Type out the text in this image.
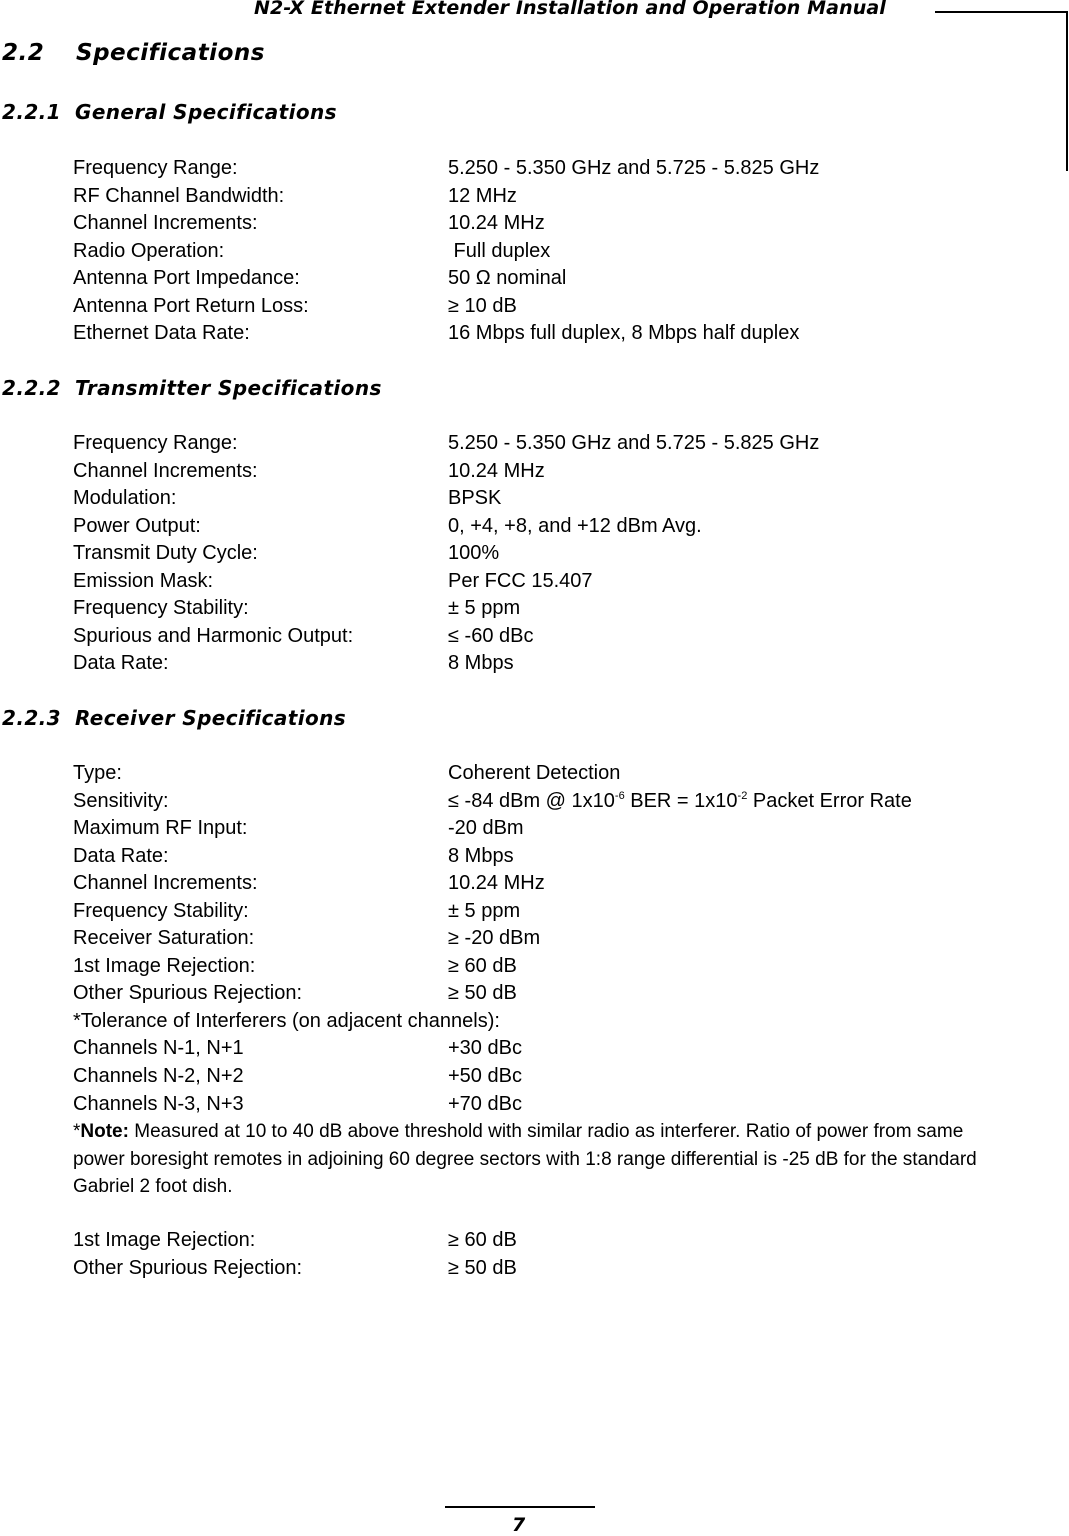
N2-X Ethernet Extender Installation and Operation Manual
2.2 Specifications
2.2.1 General Specifications
Frequency Range:	5.250 - 5.350 GHz and 5.725 - 5.825 GHz
RF Channel Bandwidth:	12 MHz
Channel Increments:	10.24 MHz
Radio Operation:	Full duplex
Antenna Port Impedance:	50 Ω nominal
Antenna Port Return Loss:	≥ 10 dB
Ethernet Data Rate:	16 Mbps full duplex, 8 Mbps half duplex
2.2.2 Transmitter Specifications
Frequency Range:	5.250 - 5.350 GHz and 5.725 - 5.825 GHz
Channel Increments:	10.24 MHz
Modulation:	BPSK
Power Output:	0, +4, +8, and +12 dBm Avg.
Transmit Duty Cycle:	100%
Emission Mask:	Per FCC 15.407
Frequency Stability:	± 5 ppm
Spurious and Harmonic Output:	≤ -60 dBc
Data Rate:	8 Mbps
2.2.3 Receiver Specifications
Type:	Coherent Detection
Sensitivity:	≤ -84 dBm @ $1x10^{-6}$ BER = $1x10^{-2}$ Packet Error Rate
Maximum RF Input:	-20 dBm
Data Rate:	8 Mbps
Channel Increments:	10.24 MHz
Frequency Stability:	± 5 ppm
Receiver Saturation:	≥ -20 dBm
1st Image Rejection:	≥ 60 dB
Other Spurious Rejection:	≥ 50 dB
*Tolerance of Interferers (on adjacent channels):
Channels N-1, N+1	+30 dBc
Channels N-2, N+2	+50 dBc
Channels N-3, N+3	+70 dBc
*Note: Measured at 10 to 40 dB above threshold with similar radio as interferer. Ratio of power from same power boresight remotes in adjoining 60 degree sectors with 1:8 range differential is -25 dB for the standard Gabriel 2 foot dish.
1st Image Rejection:	≥ 60 dB
Other Spurious Rejection:	≥ 50 dB
7
